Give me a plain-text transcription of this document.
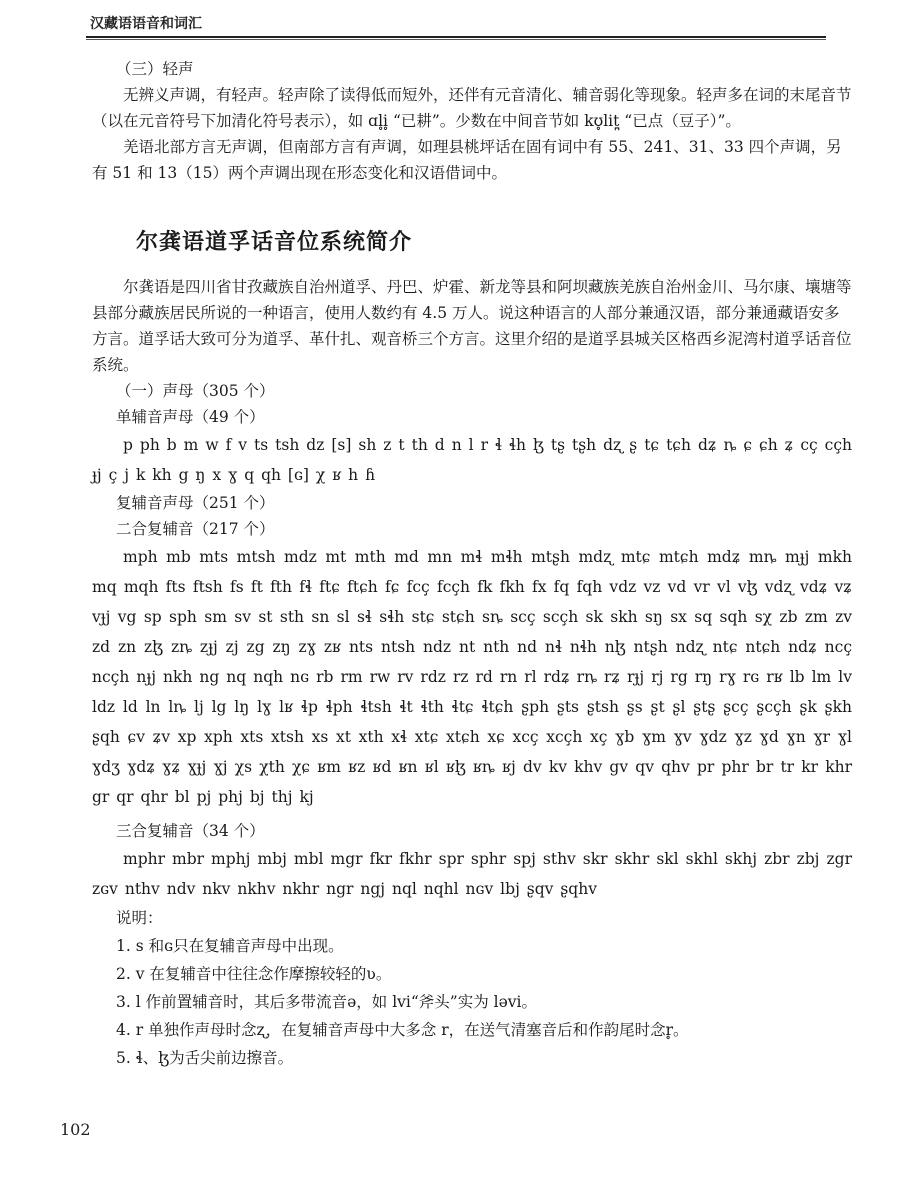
汉藏语语音和词汇

（三）轻声

无辨义声调，有轻声。轻声除了读得低而短外，还伴有元音清化、辅音弱化等现象。轻声多在词的末尾音节（以在元音符号下加清化符号表示），如 ɑl̥i̥ “已耕”。少数在中间音节如 kʊ̥lit̪ “已点（豆子）”。

羌语北部方言无声调，但南部方言有声调，如理县桃坪话在固有词中有 55、241、31、33 四个声调，另有 51 和 13（15）两个声调出现在形态变化和汉语借词中。

尔龚语道孚话音位系统简介

尔龚语是四川省甘孜藏族自治州道孚、丹巴、炉霍、新龙等县和阿坝藏族羌族自治州金川、马尔康、壤塘等县部分藏族居民所说的一种语言，使用人数约有 4.5 万人。说这种语言的人部分兼通汉语，部分兼通藏语安多方言。道孚话大致可分为道孚、革什扎、观音桥三个方言。这里介绍的是道孚县城关区格西乡泥湾村道孚话音位系统。

（一）声母（305 个）

单辅音声母（49 个）

p ph b m w f v ts tsh dz [s] sh z t th d n l r ɬ ɬh ɮ tʂ tʂh dʐ ʂ tɕ tɕh dʑ ȵ ɕ ɕh ʑ cç cçh ɟj ç j k kh g ŋ x ɣ q qh [ɢ] χ ʁ h ɦ

复辅音声母（251 个）

二合复辅音（217 个）

mph mb mts mtsh mdz mt mth md mn mɬ mɬh mtʂh mdʐ mtɕ mtɕh mdʑ mȵ mɟj mkh mq mqh fts ftsh fs ft fth fɬ ftɕ ftɕh fɕ fcç fcçh fk fkh fx fq fqh vdz vz vd vr vl vɮ vdʐ vdʑ vʑ vɟj vg sp sph sm sv st sth sn sl sɬ sɬh stɕ stɕh sȵ scç scçh sk skh sŋ sx sq sqh sχ zb zm zv zd zn zɮ zȵ zɟj zj zg zŋ zɣ zʁ nts ntsh ndz nt nth nd nɬ nɬh nɮ ntʂh ndʐ ntɕ ntɕh ndʑ ncç ncçh nɟj nkh ng nq nqh nɢ rb rm rw rv rdz rz rd rn rl rdʑ rȵ rʑ rɟj rj rg rŋ rɣ rɢ rʁ lb lm lv ldz ld ln lȵ lj lg lŋ lɣ lʁ ɬp ɬph ɬtsh ɬt ɬth ɬtɕ ɬtɕh ʂph ʂts ʂtsh ʂs ʂt ʂl ʂtʂ ʂcç ʂcçh ʂk ʂkh ʂqh ɕv ʑv xp xph xts xtsh xs xt xth xɬ xtɕ xtɕh xɕ xcç xcçh xç ɣb ɣm ɣv ɣdz ɣz ɣd ɣn ɣr ɣl ɣdʒ ɣdʑ ɣʑ ɣɟj ɣj χs χth χɕ ʁm ʁz ʁd ʁn ʁl ʁɮ ʁȵ ʁj dv kv khv gv qv qhv pr phr br tr kr khr gr qr qhr bl pj phj bj thj kj

三合复辅音（34 个）

mphr mbr mphj mbj mbl mgr fkr fkhr spr sphr spj sthv skr skhr skl skhl skhj zbr zbj zgr zɢv nthv ndv nkv nkhv nkhr ngr ngj nql nqhl nɢv lbj ʂqv ʂqhv

说明：

1. s 和ɢ只在复辅音声母中出现。

2. v 在复辅音中往往念作摩擦较轻的ʋ。

3. l 作前置辅音时，其后多带流音ə，如 lvi“斧头”实为 ləvi。

4. r 单独作声母时念ʐ，在复辅音声母中大多念 r，在送气清塞音后和作韵尾时念r̥。

5. ɬ、ɮ为舌尖前边擦音。

102
